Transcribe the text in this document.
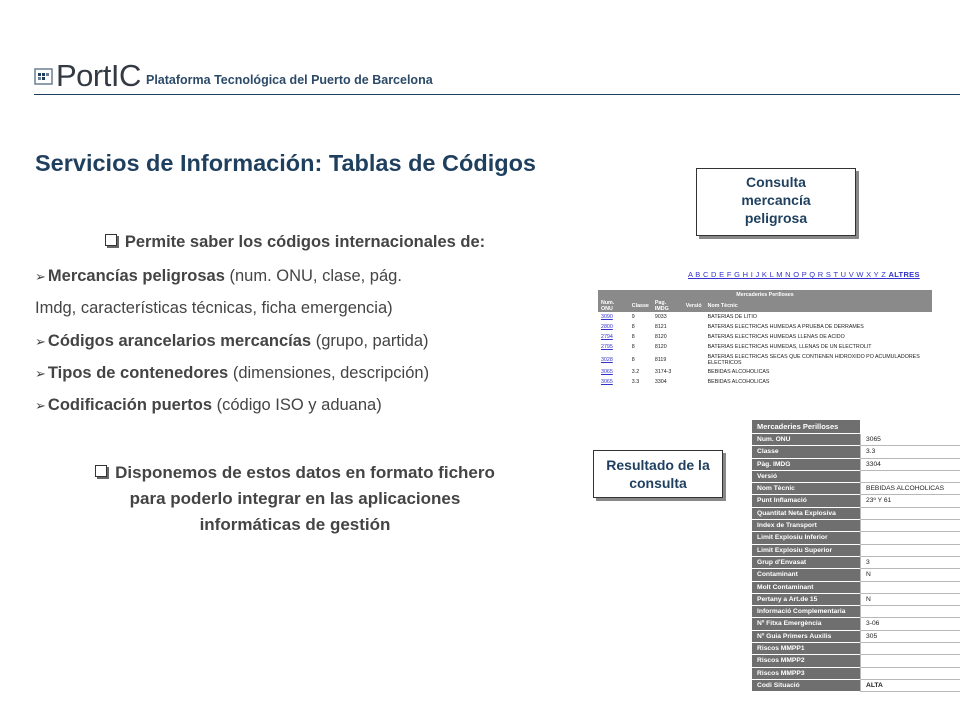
PortIC Plataforma Tecnológica del Puerto de Barcelona
Servicios de Información: Tablas de Códigos
Permite saber los códigos internacionales de:
➢ Mercancías peligrosas (num. ONU, clase, pág.
Imdg, características técnicas, ficha emergencia)
➢ Códigos arancelarios mercancías (grupo, partida)
➢ Tipos de contenedores (dimensiones, descripción)
➢ Codificación puertos (código ISO y aduana)
Disponemos de estos datos en formato fichero
para poderlo integrar en las aplicaciones
informáticas de gestión
Consulta
mercancía
peligrosa
Resultado de la
consulta
A B C D E F G H I J K L M N O P Q R S T U V W X Y Z ALTRES
Mercaderies Perilloses				
Num. ONU	Classe	Pag. IMDG	Versió	Nom Tècnic
3090	9	9033		BATERIAS DE LITIO
2800	8	8121		BATERIAS ELECTRICAS HUMEDAS A PRUEBA DE DERRAMES
2794	8	8120		BATERIAS ELECTRICAS HUMEDAS LLENAS DE ACIDO
2795	8	8120		BATERIAS ELECTRICAS HUMEDAS, LLENAS DE UN ELECTROLIT
3028	8	8119		BATERIAS ELECTRICAS SECAS QUE CONTIENEN HIDROXIDO PO ACUMULADORES ELECTRICOS
3065	3.2	3174-3		BEBIDAS ALCOHOLICAS
3065	3.3	3304		BEBIDAS ALCOHOLICAS
Mercaderies Perilloses
Num. ONU	3065
Classe	3.3
Pàg. IMDG	3304
Versió
Nom Tècnic	BEBIDAS ALCOHOLICAS
Punt Inflamació	23º Y 61
Quantitat Neta Explosiva
Index de Transport
Limit Explosiu Inferior
Limit Explosiu Superior
Grup d'Envasat	3
Contaminant	N
Molt Contaminant
Pertany a Art.de 15	N
Informació Complementaria
Nº Fitxa Emergència	3-06
Nº Guia Primers Auxilis	305
Riscos MMPP1
Riscos MMPP2
Riscos MMPP3
Codi Situació	ALTA
